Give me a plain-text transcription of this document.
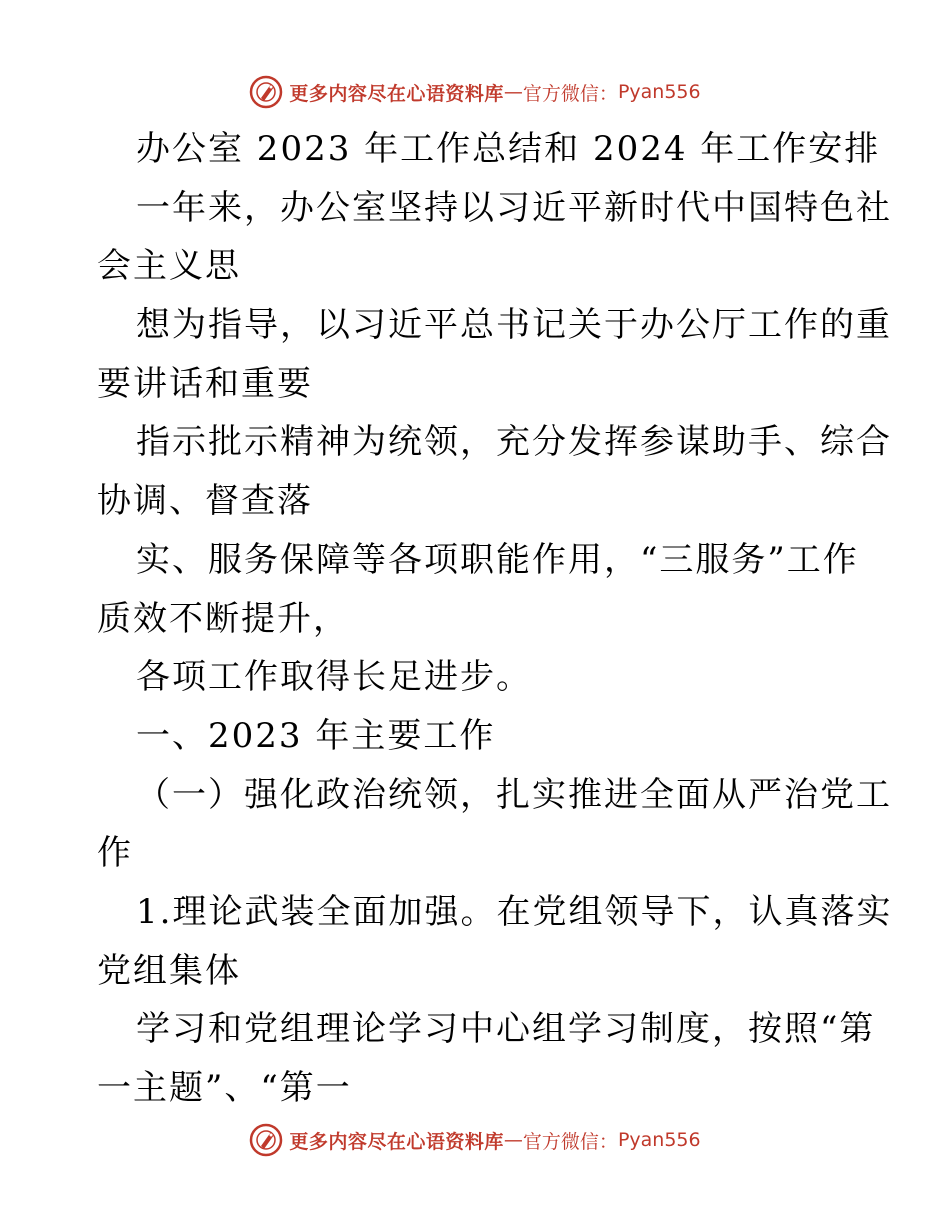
更多内容尽在心语资料库 — 官方微信： Pyan556
办公室 2023 年工作总结和 2024 年工作安排
一年来，办公室坚持以习近平新时代中国特色社
会主义思
想为指导，以习近平总书记关于办公厅工作的重
要讲话和重要
指示批示精神为统领，充分发挥参谋助手、综合
协调、督查落
实、服务保障等各项职能作用，“三服务”工作
质效不断提升，
各项工作取得长足进步。
一、2023 年主要工作
（一）强化政治统领，扎实推进全面从严治党工
作
1.理论武装全面加强。在党组领导下，认真落实
党组集体
学习和党组理论学习中心组学习制度，按照“第
一主题”、“第一
更多内容尽在心语资料库 — 官方微信： Pyan556
